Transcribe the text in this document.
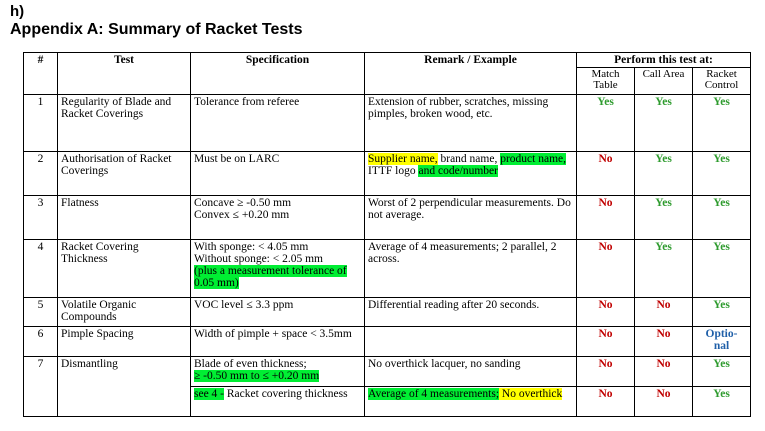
h)
Appendix A: Summary of Racket Tests
#	Test	Specification	Remark / Example	Perform this test at:		
				Match Table	Call Area	Racket Control
1	Regularity of Blade and Racket Coverings	Tolerance from referee	Extension of rubber, scratches, missing pimples, broken wood, etc.	Yes	Yes	Yes
2	Authorisation of Racket Coverings	Must be on LARC	Supplier name, brand name, product name, ITTF logo and code/number	No	Yes	Yes
3	Flatness	Concave ≥ -0.50 mm
Convex ≤ +0.20 mm	Worst of 2 perpendicular measurements. Do not average.	No	Yes	Yes
4	Racket Covering Thickness	With sponge: < 4.05 mm
Without sponge: < 2.05 mm
(plus a measurement tolerance of 0.05 mm)	Average of 4 measurements; 2 parallel, 2 across.	No	Yes	Yes
5	Volatile Organic Compounds	VOC level ≤ 3.3 ppm	Differential reading after 20 seconds.	No	No	Yes
6	Pimple Spacing	Width of pimple + space < 3.5mm		No	No	Optio-nal
7	Dismantling	Blade of even thickness;
≥ -0.50 mm to ≤ +0.20 mm	No overthick lacquer, no sanding	No	No	Yes
		see 4 - Racket covering thickness	Average of 4 measurements; No overthick	No	No	Yes
